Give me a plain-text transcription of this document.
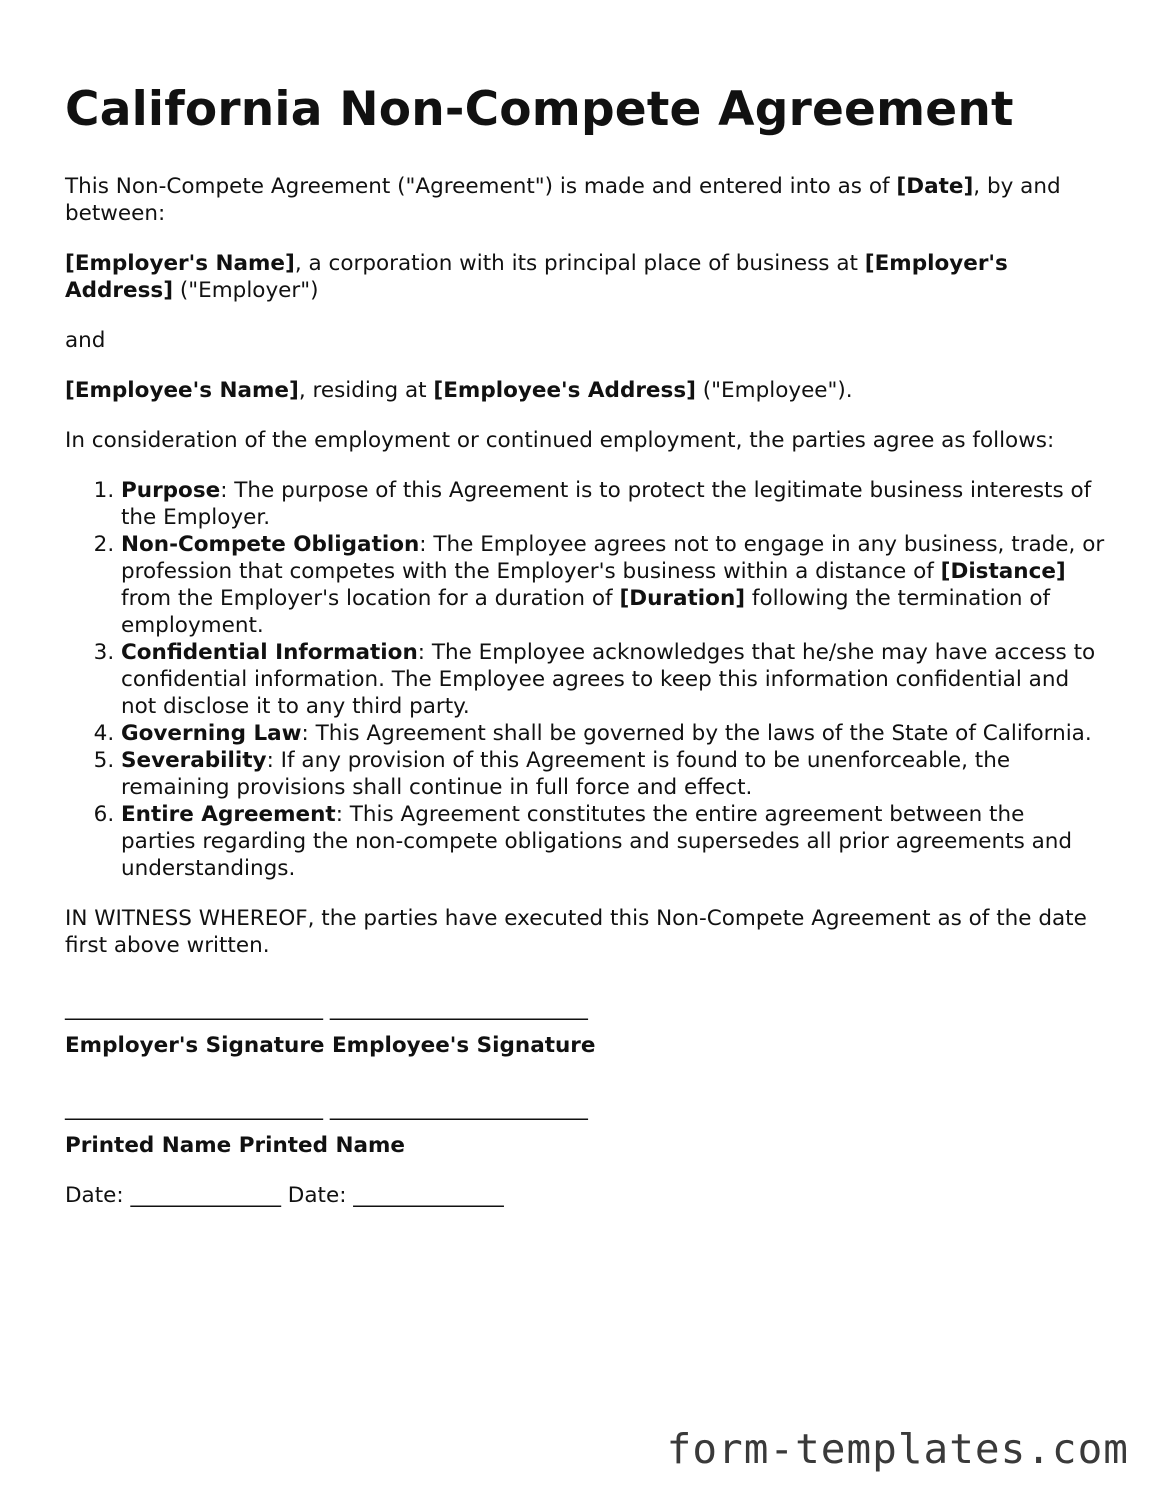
California Non-Compete Agreement

This Non-Compete Agreement ("Agreement") is made and entered into as of [Date], by and between:

[Employer's Name], a corporation with its principal place of business at [Employer's Address] ("Employer")

and

[Employee's Name], residing at [Employee's Address] ("Employee").

In consideration of the employment or continued employment, the parties agree as follows:

1. Purpose: The purpose of this Agreement is to protect the legitimate business interests of the Employer.
2. Non-Compete Obligation: The Employee agrees not to engage in any business, trade, or profession that competes with the Employer's business within a distance of [Distance] from the Employer's location for a duration of [Duration] following the termination of employment.
3. Confidential Information: The Employee acknowledges that he/she may have access to confidential information. The Employee agrees to keep this information confidential and not disclose it to any third party.
4. Governing Law: This Agreement shall be governed by the laws of the State of California.
5. Severability: If any provision of this Agreement is found to be unenforceable, the remaining provisions shall continue in full force and effect.
6. Entire Agreement: This Agreement constitutes the entire agreement between the parties regarding the non-compete obligations and supersedes all prior agreements and understandings.

IN WITNESS WHEREOF, the parties have executed this Non-Compete Agreement as of the date first above written.

________________________ ________________________
Employer's Signature Employee's Signature
________________________ ________________________
Printed Name Printed Name
Date: ______________ Date: ______________
form-templates.com
